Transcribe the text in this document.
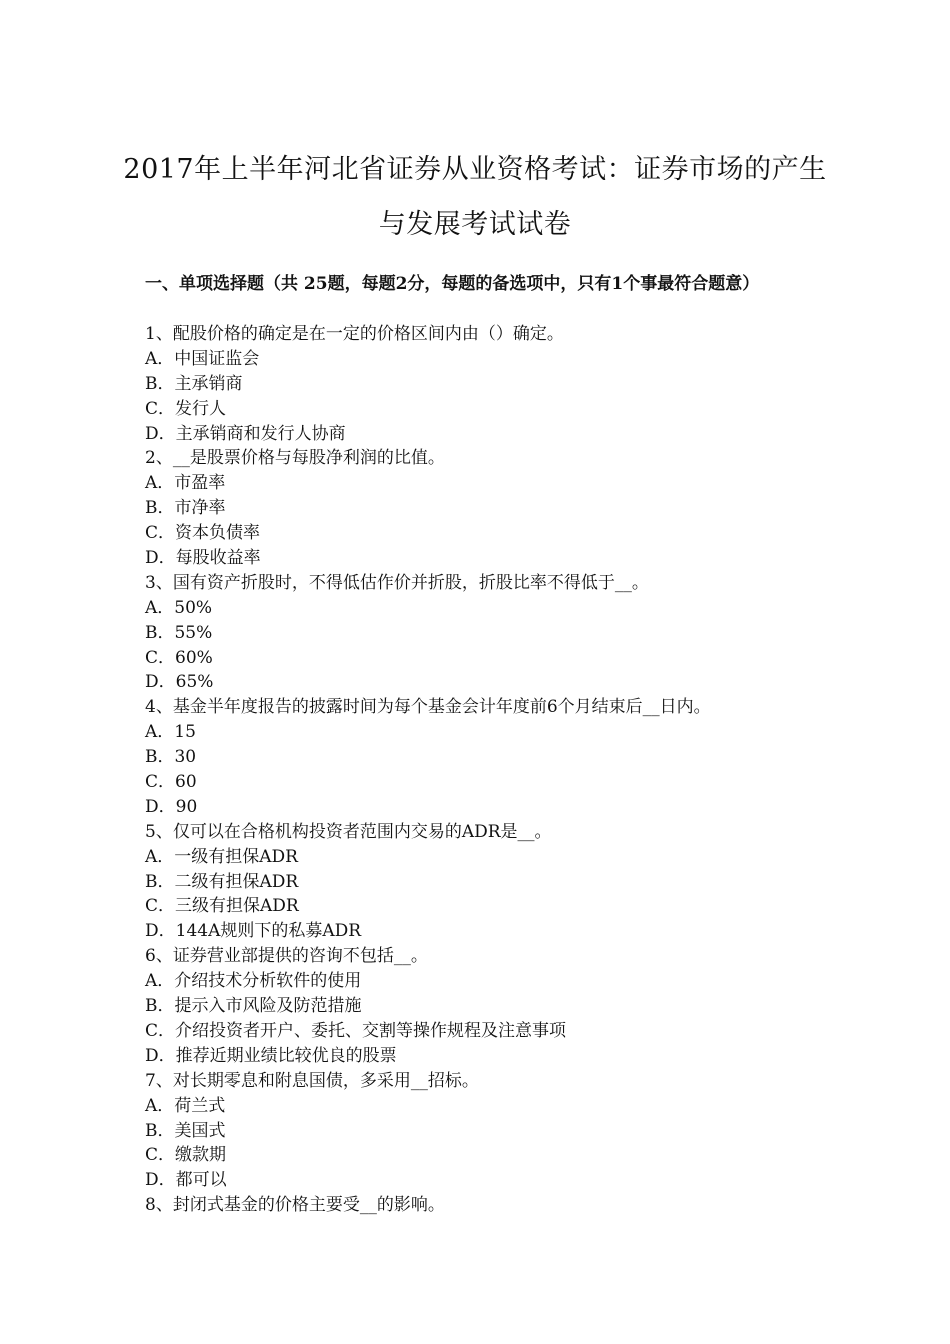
2017年上半年河北省证券从业资格考试：证券市场的产生
与发展考试试卷
一、单项选择题（共 25题，每题2分，每题的备选项中，只有1个事最符合题意）
1、配股价格的确定是在一定的价格区间内由（）确定。
A．中国证监会
B．主承销商
C．发行人
D．主承销商和发行人协商
2、__是股票价格与每股净利润的比值。
A．市盈率
B．市净率
C．资本负债率
D．每股收益率
3、国有资产折股时，不得低估作价并折股，折股比率不得低于__。
A．50%
B．55%
C．60%
D．65%
4、基金半年度报告的披露时间为每个基金会计年度前6个月结束后__日内。
A．15
B．30
C．60
D．90
5、仅可以在合格机构投资者范围内交易的ADR是__。
A．一级有担保ADR
B．二级有担保ADR
C．三级有担保ADR
D．144A规则下的私募ADR
6、证券营业部提供的咨询不包括__。
A．介绍技术分析软件的使用
B．提示入市风险及防范措施
C．介绍投资者开户、委托、交割等操作规程及注意事项
D．推荐近期业绩比较优良的股票
7、对长期零息和附息国债，多采用__招标。
A．荷兰式
B．美国式
C．缴款期
D．都可以
8、封闭式基金的价格主要受__的影响。
